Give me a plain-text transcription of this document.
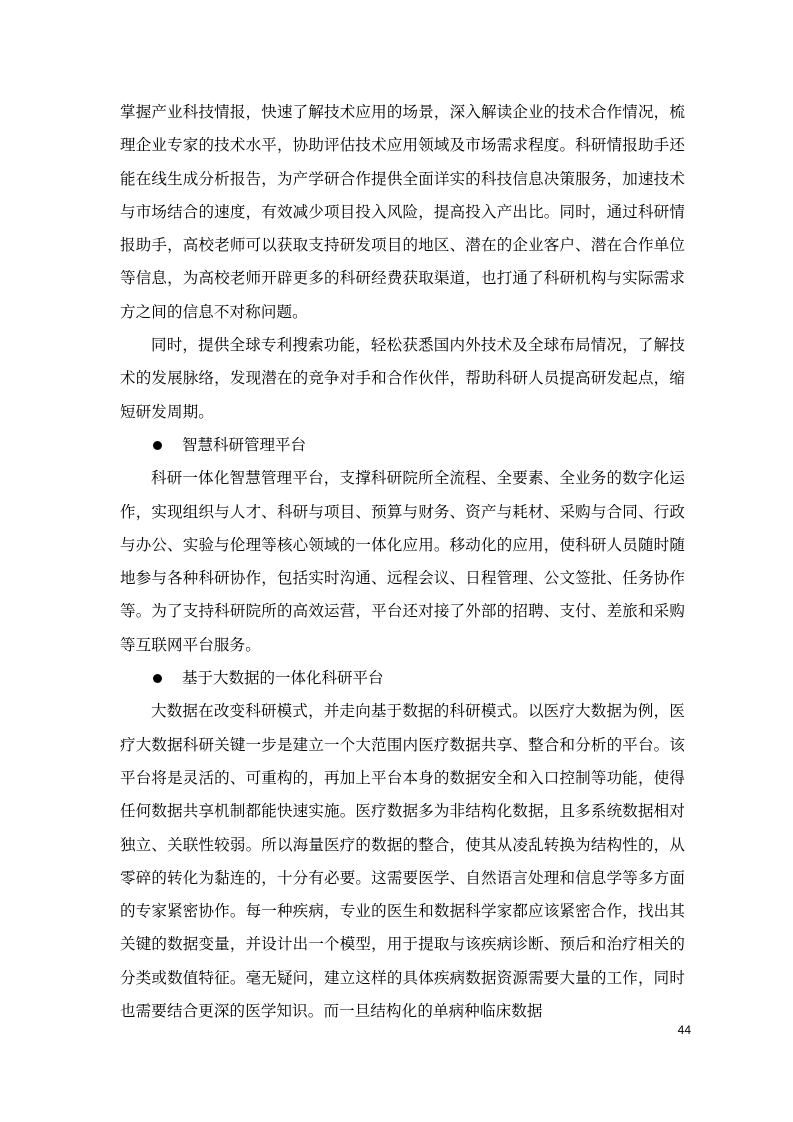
掌握产业科技情报，快速了解技术应用的场景，深入解读企业的技术合作情况，梳理企业专家的技术水平，协助评估技术应用领域及市场需求程度。科研情报助手还能在线生成分析报告，为产学研合作提供全面详实的科技信息决策服务，加速技术与市场结合的速度，有效减少项目投入风险，提高投入产出比。同时，通过科研情报助手，高校老师可以获取支持研发项目的地区、潜在的企业客户、潜在合作单位等信息，为高校老师开辟更多的科研经费获取渠道，也打通了科研机构与实际需求方之间的信息不对称问题。

同时，提供全球专利搜索功能，轻松获悉国内外技术及全球布局情况，了解技术的发展脉络，发现潜在的竞争对手和合作伙伴，帮助科研人员提高研发起点，缩短研发周期。

智慧科研管理平台

科研一体化智慧管理平台，支撑科研院所全流程、全要素、全业务的数字化运作，实现组织与人才、科研与项目、预算与财务、资产与耗材、采购与合同、行政与办公、实验与伦理等核心领域的一体化应用。移动化的应用，使科研人员随时随地参与各种科研协作，包括实时沟通、远程会议、日程管理、公文签批、任务协作等。为了支持科研院所的高效运营，平台还对接了外部的招聘、支付、差旅和采购等互联网平台服务。

基于大数据的一体化科研平台

大数据在改变科研模式，并走向基于数据的科研模式。以医疗大数据为例，医疗大数据科研关键一步是建立一个大范围内医疗数据共享、整合和分析的平台。该平台将是灵活的、可重构的，再加上平台本身的数据安全和入口控制等功能，使得任何数据共享机制都能快速实施。医疗数据多为非结构化数据，且多系统数据相对独立、关联性较弱。所以海量医疗的数据的整合，使其从凌乱转换为结构性的，从零碎的转化为黏连的，十分有必要。这需要医学、自然语言处理和信息学等多方面的专家紧密协作。每一种疾病，专业的医生和数据科学家都应该紧密合作，找出其关键的数据变量，并设计出一个模型，用于提取与该疾病诊断、预后和治疗相关的分类或数值特征。毫无疑问，建立这样的具体疾病数据资源需要大量的工作，同时也需要结合更深的医学知识。而一旦结构化的单病种临床数据

44
